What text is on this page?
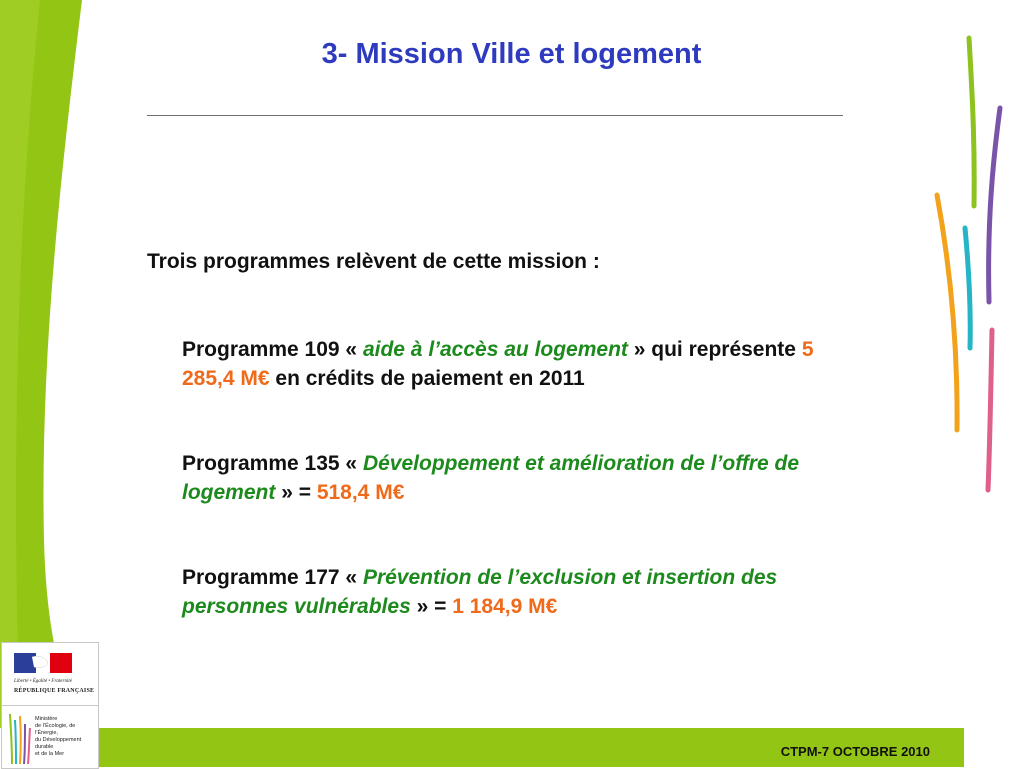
3- Mission Ville et logement
Trois programmes relèvent de cette mission :
Programme 109 « aide à l’accès au logement » qui représente 5 285,4 M€ en crédits de paiement en 2011
Programme 135 « Développement et amélioration de l’offre de logement » = 518,4 M€
Programme 177 « Prévention de l’exclusion et insertion des personnes vulnérables » = 1 184,9 M€
CTPM-7 OCTOBRE 2010
Liberté • Égalité • Fraternité
RÉPUBLIQUE FRANÇAISE
Ministère
de l’Écologie, de l’Énergie,
du Développement
durable
et de la Mer
